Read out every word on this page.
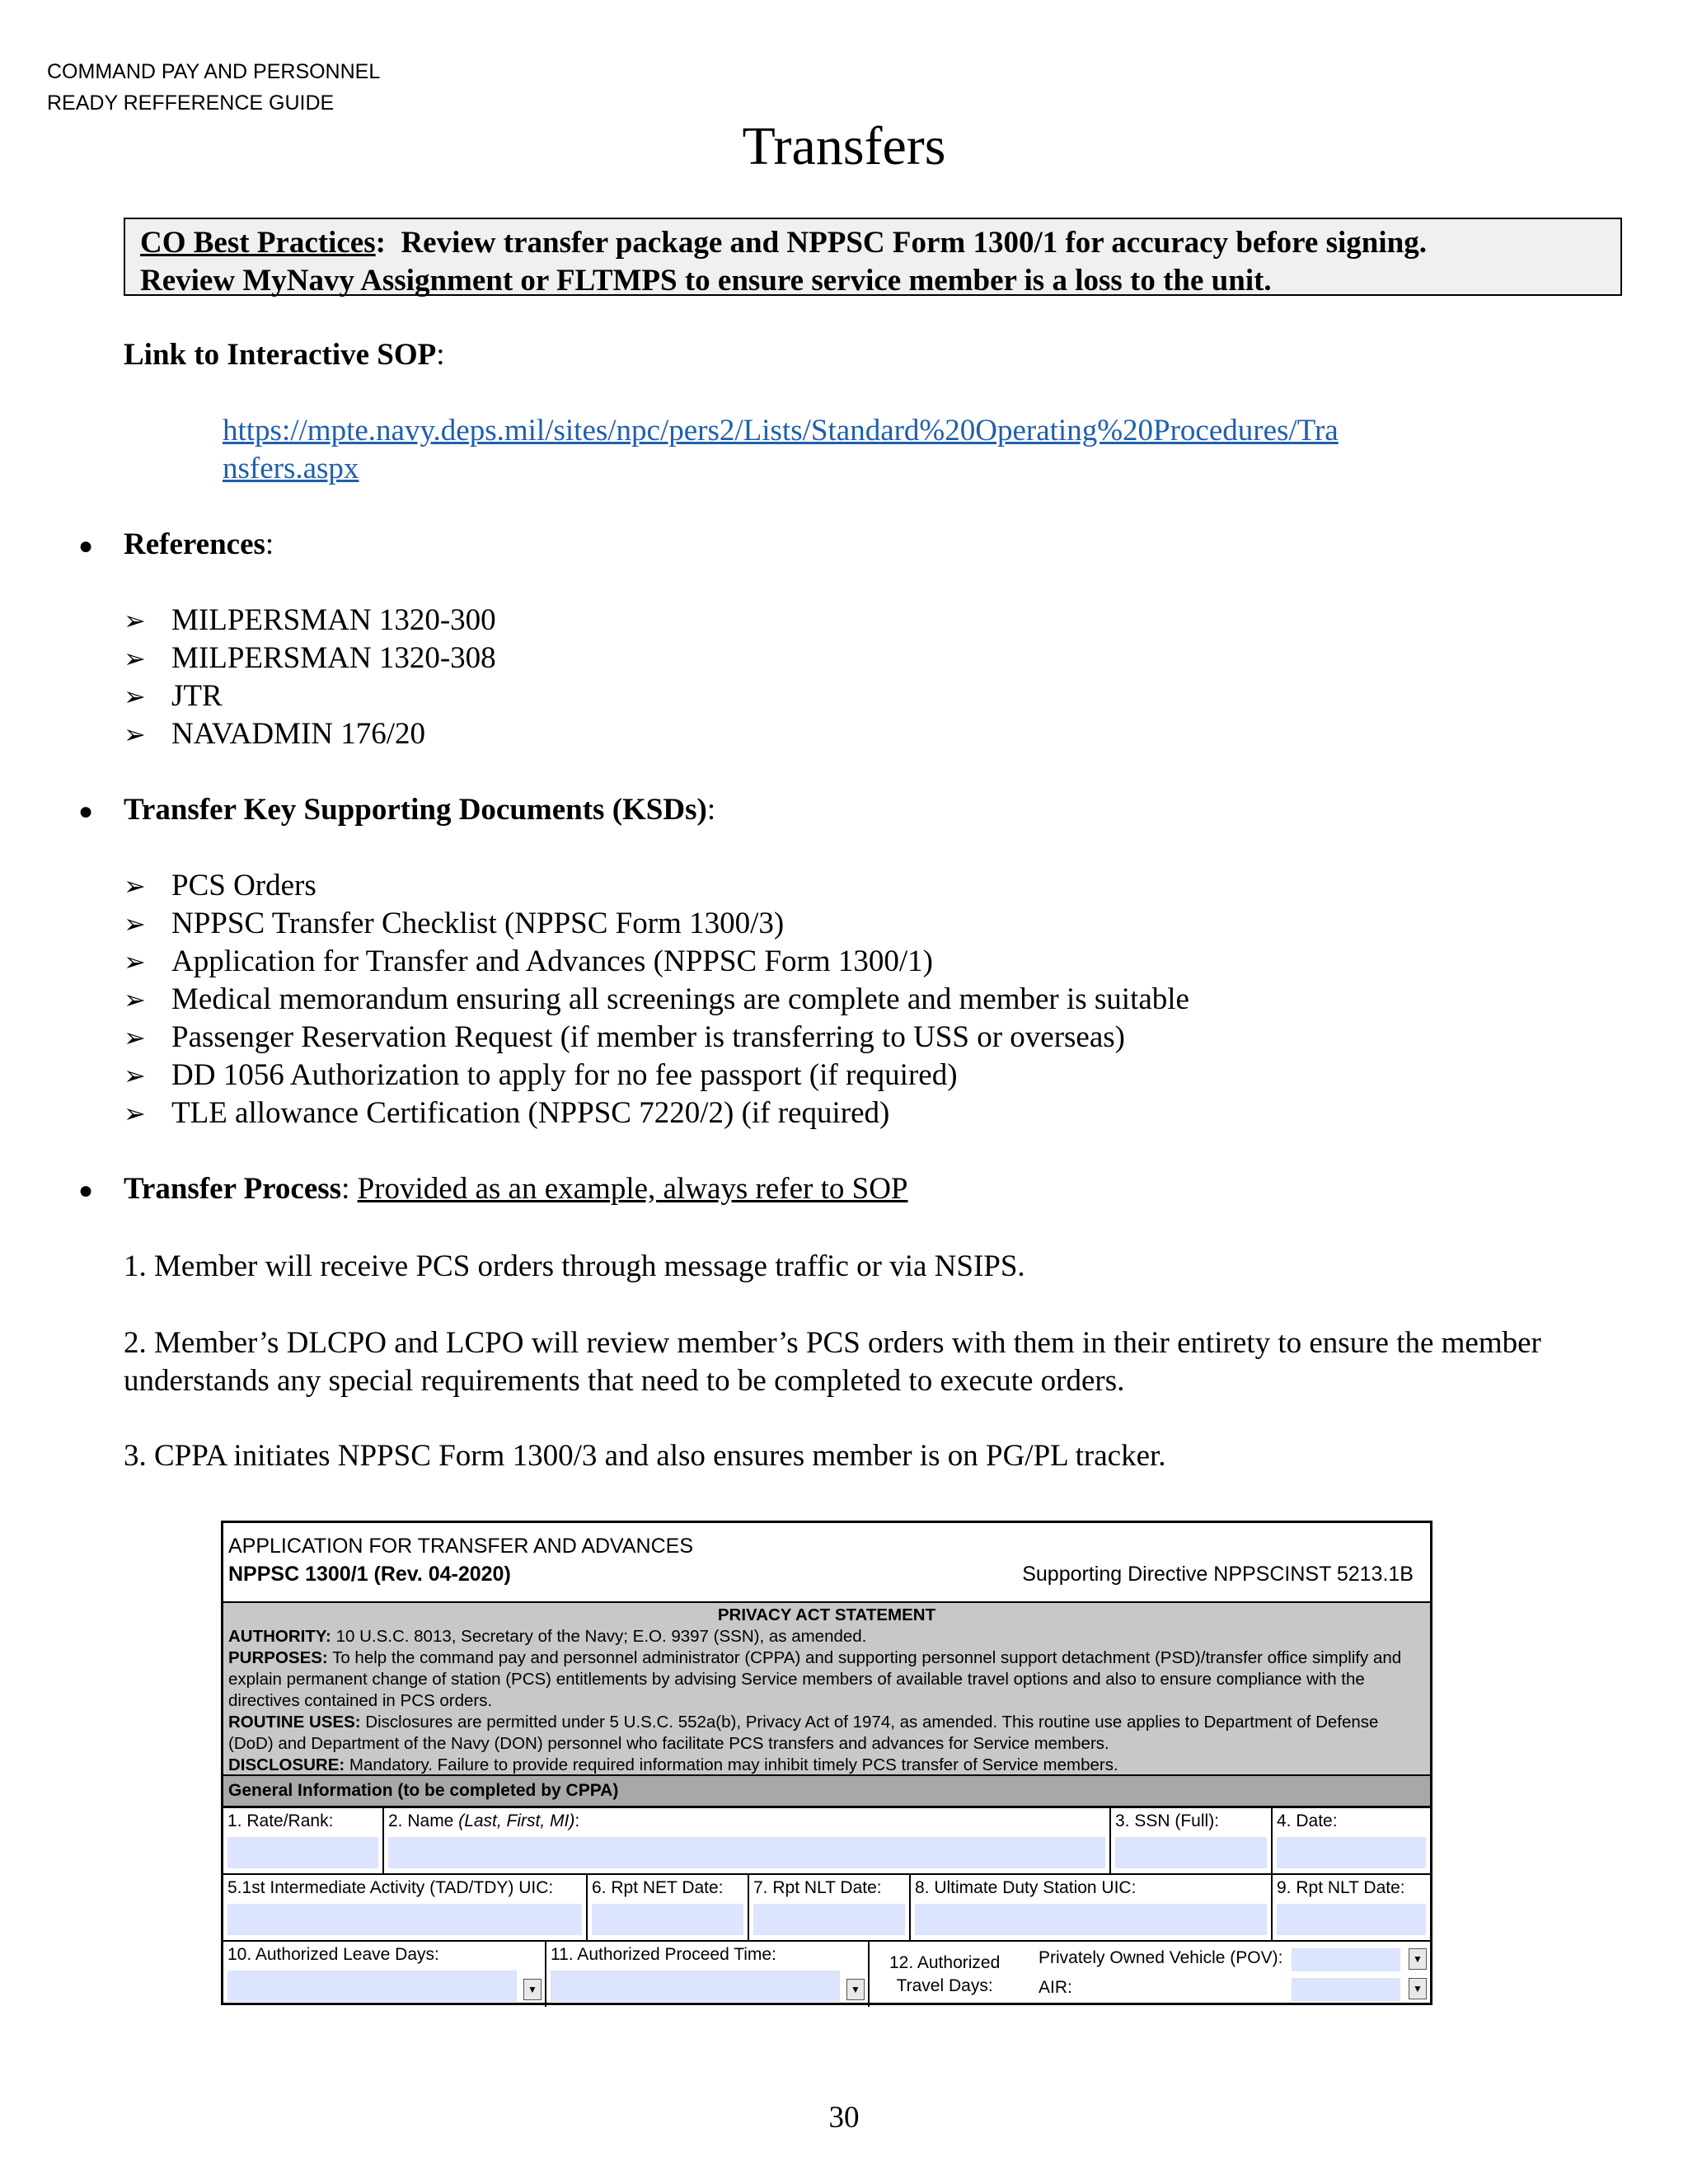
COMMAND PAY AND PERSONNEL
READY REFFERENCE GUIDE
Transfers
CO Best Practices:  Review transfer package and NPPSC Form 1300/1 for accuracy before signing.
Review MyNavy Assignment or FLTMPS to ensure service member is a loss to the unit.
Link to Interactive SOP:
https://mpte.navy.deps.mil/sites/npc/pers2/Lists/Standard%20Operating%20Procedures/Tra
nsfers.aspx
● References:
➢ MILPERSMAN 1320-300
➢ MILPERSMAN 1320-308
➢ JTR
➢ NAVADMIN 176/20
● Transfer Key Supporting Documents (KSDs):
➢ PCS Orders
➢ NPPSC Transfer Checklist (NPPSC Form 1300/3)
➢ Application for Transfer and Advances (NPPSC Form 1300/1)
➢ Medical memorandum ensuring all screenings are complete and member is suitable
➢ Passenger Reservation Request (if member is transferring to USS or overseas)
➢ DD 1056 Authorization to apply for no fee passport (if required)
➢ TLE allowance Certification (NPPSC 7220/2) (if required)
● Transfer Process: Provided as an example, always refer to SOP
1. Member will receive PCS orders through message traffic or via NSIPS.
2. Member’s DLCPO and LCPO will review member’s PCS orders with them in their entirety to ensure the member understands any special requirements that need to be completed to execute orders.
3. CPPA initiates NPPSC Form 1300/3 and also ensures member is on PG/PL tracker.
APPLICATION FOR TRANSFER AND ADVANCES
NPPSC 1300/1 (Rev. 04-2020)	Supporting Directive NPPSCINST 5213.1B
PRIVACY ACT STATEMENT
AUTHORITY: 10 U.S.C. 8013, Secretary of the Navy; E.O. 9397 (SSN), as amended.
PURPOSES: To help the command pay and personnel administrator (CPPA) and supporting personnel support detachment (PSD)/transfer office simplify and explain permanent change of station (PCS) entitlements by advising Service members of available travel options and also to ensure compliance with the directives contained in PCS orders.
ROUTINE USES: Disclosures are permitted under 5 U.S.C. 552a(b), Privacy Act of 1974, as amended. This routine use applies to Department of Defense (DoD) and Department of the Navy (DON) personnel who facilitate PCS transfers and advances for Service members.
DISCLOSURE: Mandatory. Failure to provide required information may inhibit timely PCS transfer of Service members.
General Information (to be completed by CPPA)
1. Rate/Rank:	2. Name (Last, First, MI):	3. SSN (Full):	4. Date:
5.1st Intermediate Activity (TAD/TDY) UIC:	6. Rpt NET Date:	7. Rpt NLT Date:	8. Ultimate Duty Station UIC:	9. Rpt NLT Date:
10. Authorized Leave Days:
▼
11. Authorized Proceed Time:
▼
12. Authorized
Travel Days:
Privately Owned Vehicle (POV):	▼
AIR:	▼
30
